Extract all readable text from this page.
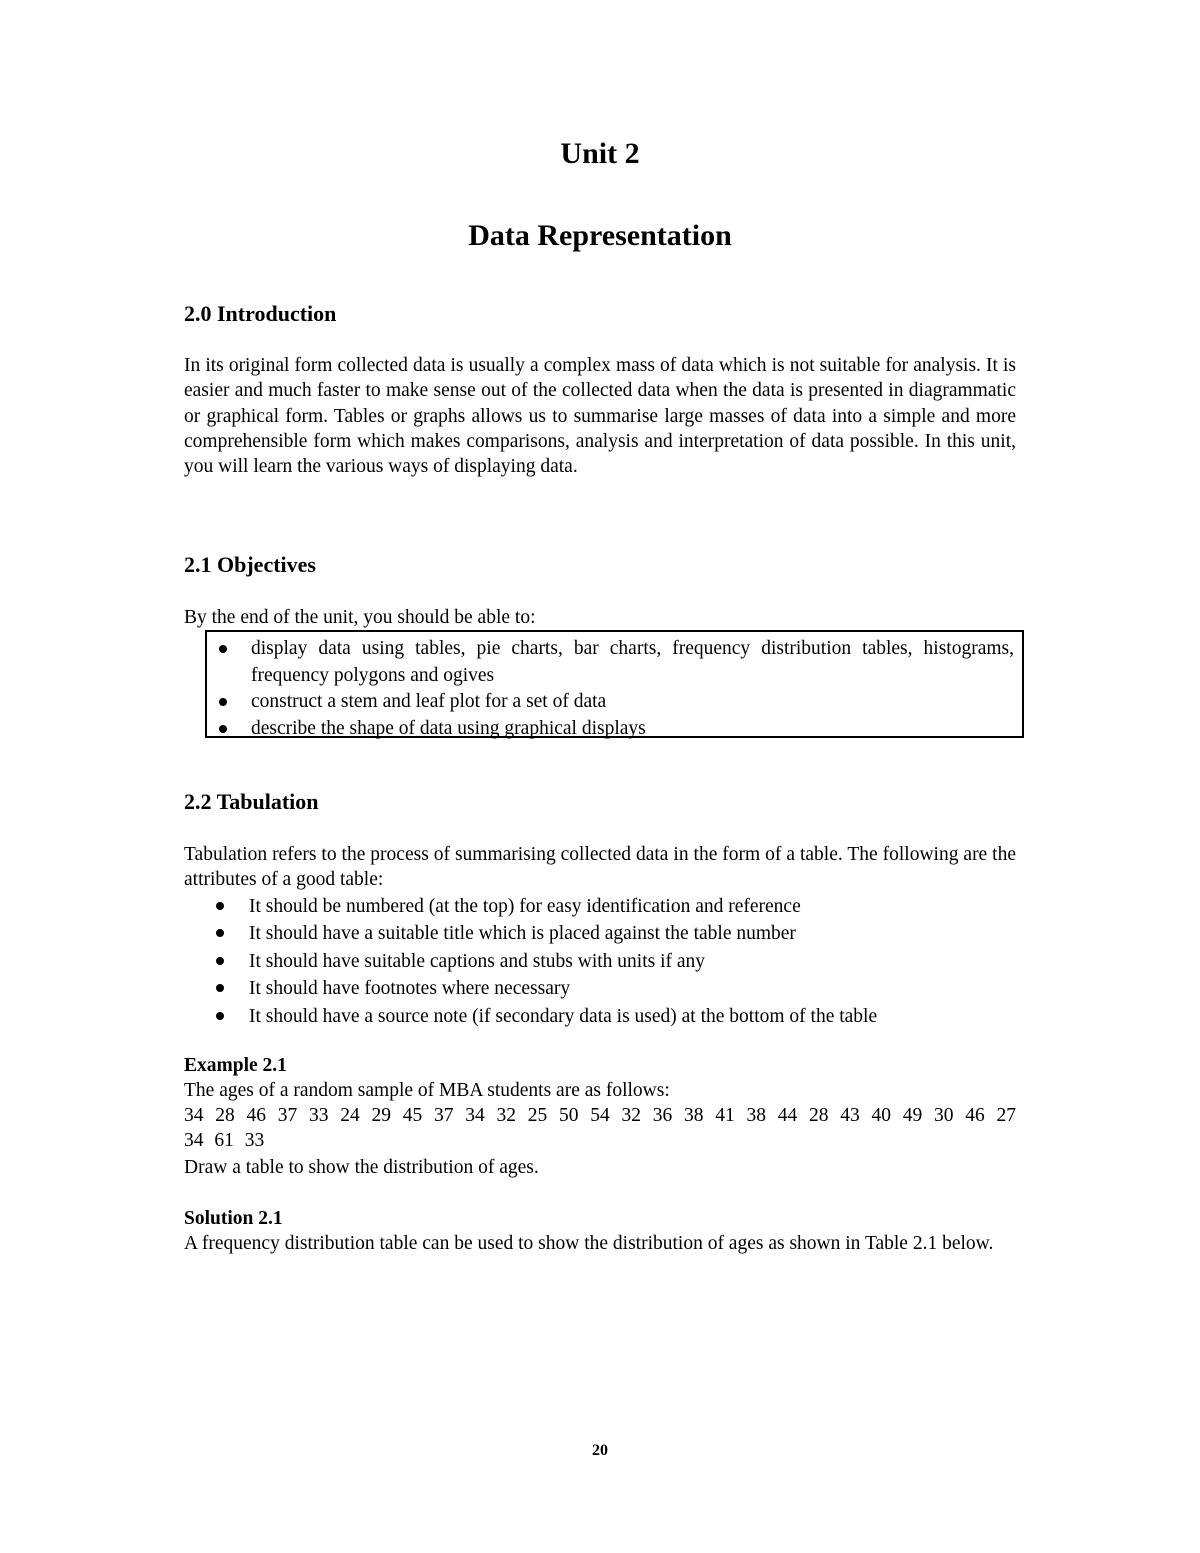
Unit 2
Data Representation
2.0 Introduction

In its original form collected data is usually a complex mass of data which is not suitable for analysis. It is easier and much faster to make sense out of the collected data when the data is presented in diagrammatic or graphical form. Tables or graphs allows us to summarise large masses of data into a simple and more comprehensible form which makes comparisons, analysis and interpretation of data possible. In this unit, you will learn the various ways of displaying data.

2.1 Objectives

By the end of the unit, you should be able to:

display data using tables, pie charts, bar charts, frequency distribution tables, histograms, frequency polygons and ogives
construct a stem and leaf plot for a set of data
describe the shape of data using graphical displays
2.2 Tabulation

Tabulation refers to the process of summarising collected data in the form of a table. The following are the attributes of a good table:

It should be numbered (at the top) for easy identification and reference
It should have a suitable title which is placed against the table number
It should have suitable captions and stubs with units if any
It should have footnotes where necessary
It should have a source note (if secondary data is used) at the bottom of the table

Example 2.1

The ages of a random sample of MBA students are as follows:

34 28 46 37 33 24 29 45 37 34 32 25 50 54 32 36 38 41 38 44 28 43 40 49 30 46 27 34 61 33

Draw a table to show the distribution of ages.

Solution 2.1

A frequency distribution table can be used to show the distribution of ages as shown in Table 2.1 below.

20
